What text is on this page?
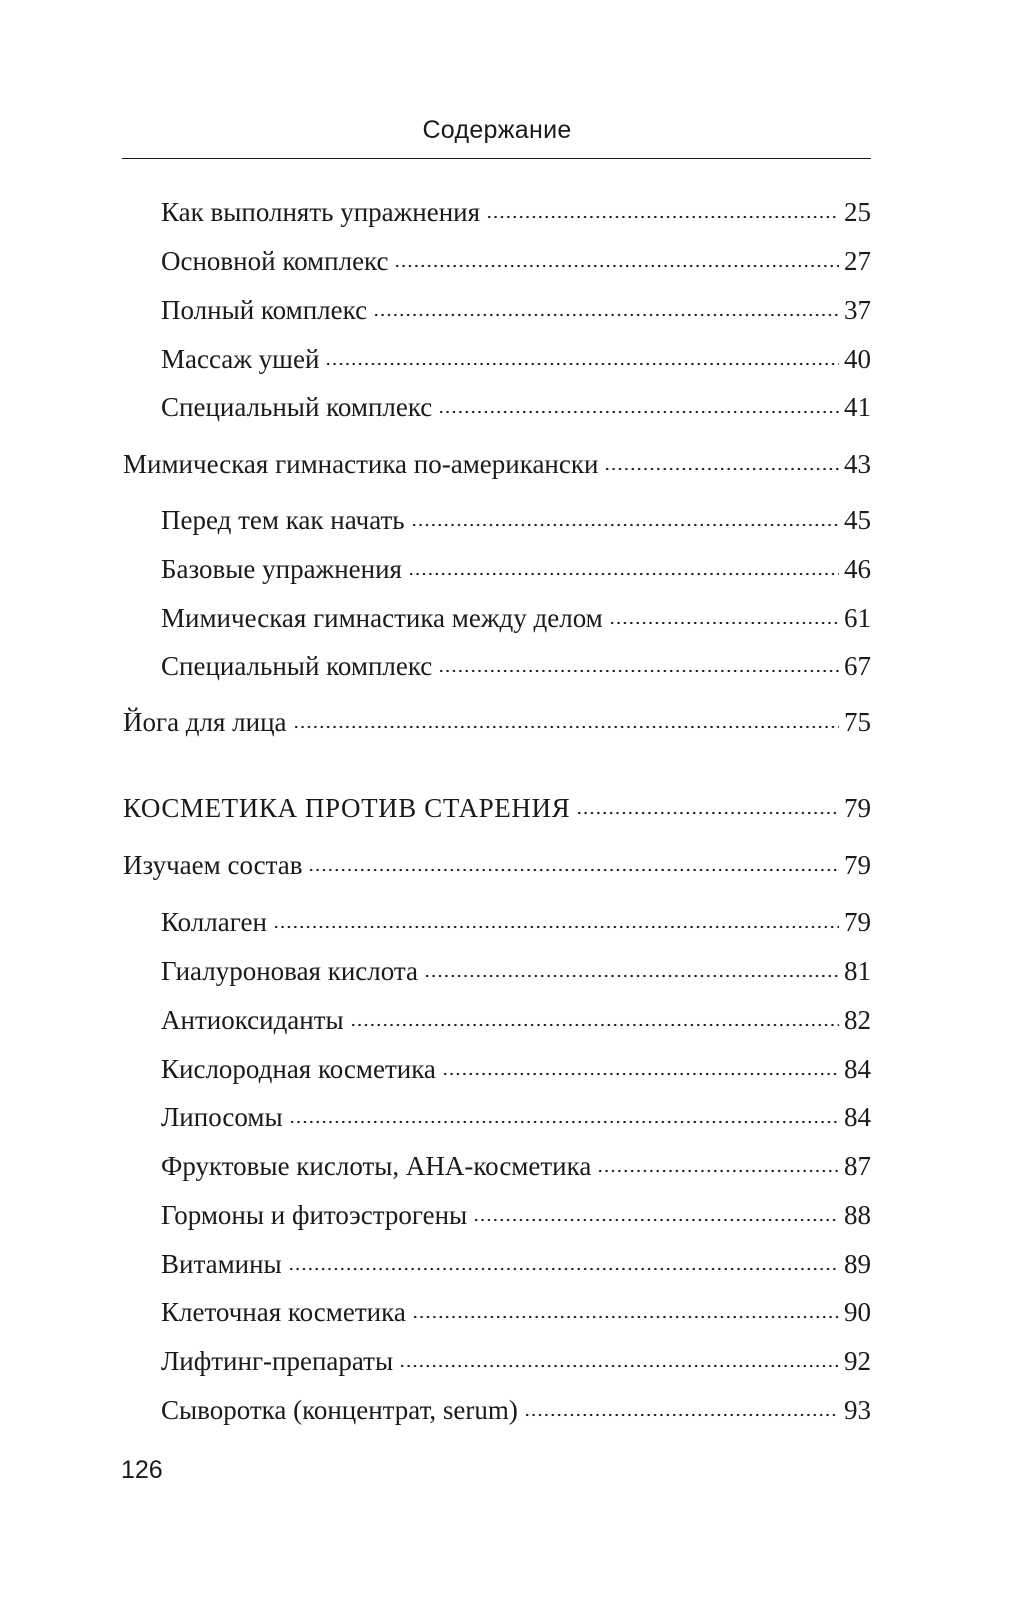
Содержание
Как выполнять упражнения	25
Основной комплекс	27
Полный комплекс	37
Массаж ушей	40
Специальный комплекс	41
Мимическая гимнастика по-американски	43
Перед тем как начать	45
Базовые упражнения	46
Мимическая гимнастика между делом	61
Специальный комплекс	67
Йога для лица	75
КОСМЕТИКА ПРОТИВ СТАРЕНИЯ	79
Изучаем состав	79
Коллаген	79
Гиалуроновая кислота	81
Антиоксиданты	82
Кислородная косметика	84
Липосомы	84
Фруктовые кислоты, АНА-косметика	87
Гормоны и фитоэстрогены	88
Витамины	89
Клеточная косметика	90
Лифтинг-препараты	92
Сыворотка (концентрат, serum)	93
126
